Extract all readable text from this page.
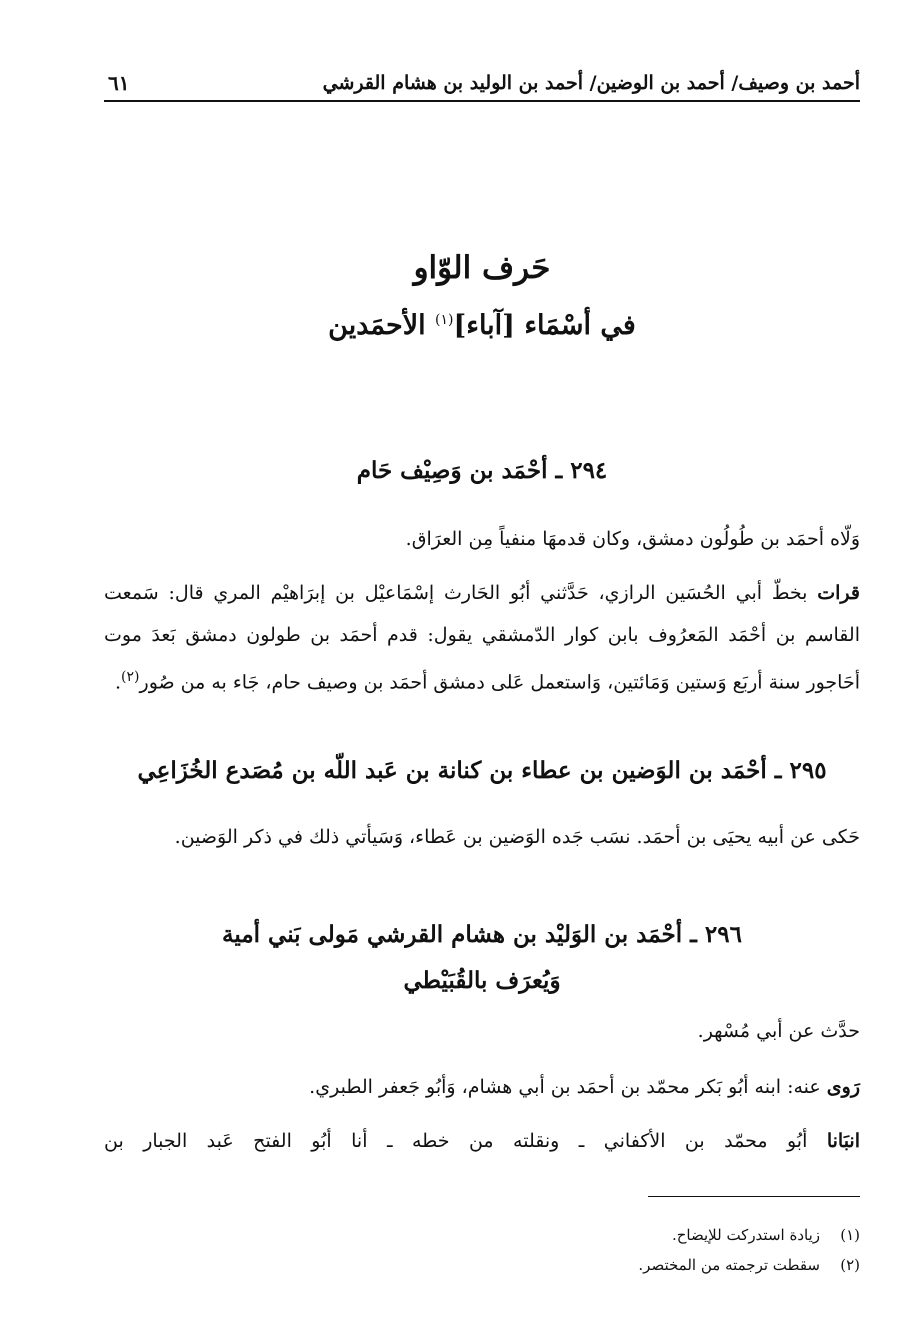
أحمد بن وصيف/ أحمد بن الوضين/ أحمد بن الوليد بن هشام القرشي
٦١
حَرف الوّاو
في أسْمَاء [آباء]$^{(١)}$ الأحمَدين
٢٩٤ ـ أحْمَد بن وَصِيْف حَام
وَلّاه أحمَد بن طُولُون دمشق، وكان قدمهَا منفياً مِن العرَاق.
قرات بخطّ أبي الحُسَين الرازي، حَدَّثني أبُو الحَارث إسْمَاعيْل بن إبرَاهيْم المري قال: سَمعت القاسم بن أحْمَد المَعرُوف بابن كوار الدّمشقي يقول: قدم أحمَد بن طولون دمشق بَعدَ موت أحَاجور سنة أربَع وَستين وَمَائتين، وَاستعمل عَلى دمشق أحمَد بن وصيف حام، جَاء به من صُور$^{(٢)}$.
٢٩٥ ـ أحْمَد بن الوَضين بن عطاء بن كنانة بن عَبد اللّه بن مُصَدع الخُزَاعِي
حَكى عن أبيه يحيَى بن أحمَد. نسَب جَده الوَضين بن عَطاء، وَسَيأتي ذلك في ذكر الوَضين.
٢٩٦ ـ أحْمَد بن الوَليْد بن هشام القرشي مَولى بَني أمية
وَيُعرَف بالقُبَيْطي
حدَّث عن أبي مُسْهر.
رَوى عنه: ابنه أبُو بَكر محمّد بن أحمَد بن أبي هشام، وَأبُو جَعفر الطبري.
انبَانا أبُو محمّد بن الأكفاني ـ ونقلته من خطه ـ أنا أبُو الفتح عَبد الجبار بن
(١)زيادة استدركت للإيضاح.
(٢)سقطت ترجمته من المختصر.
